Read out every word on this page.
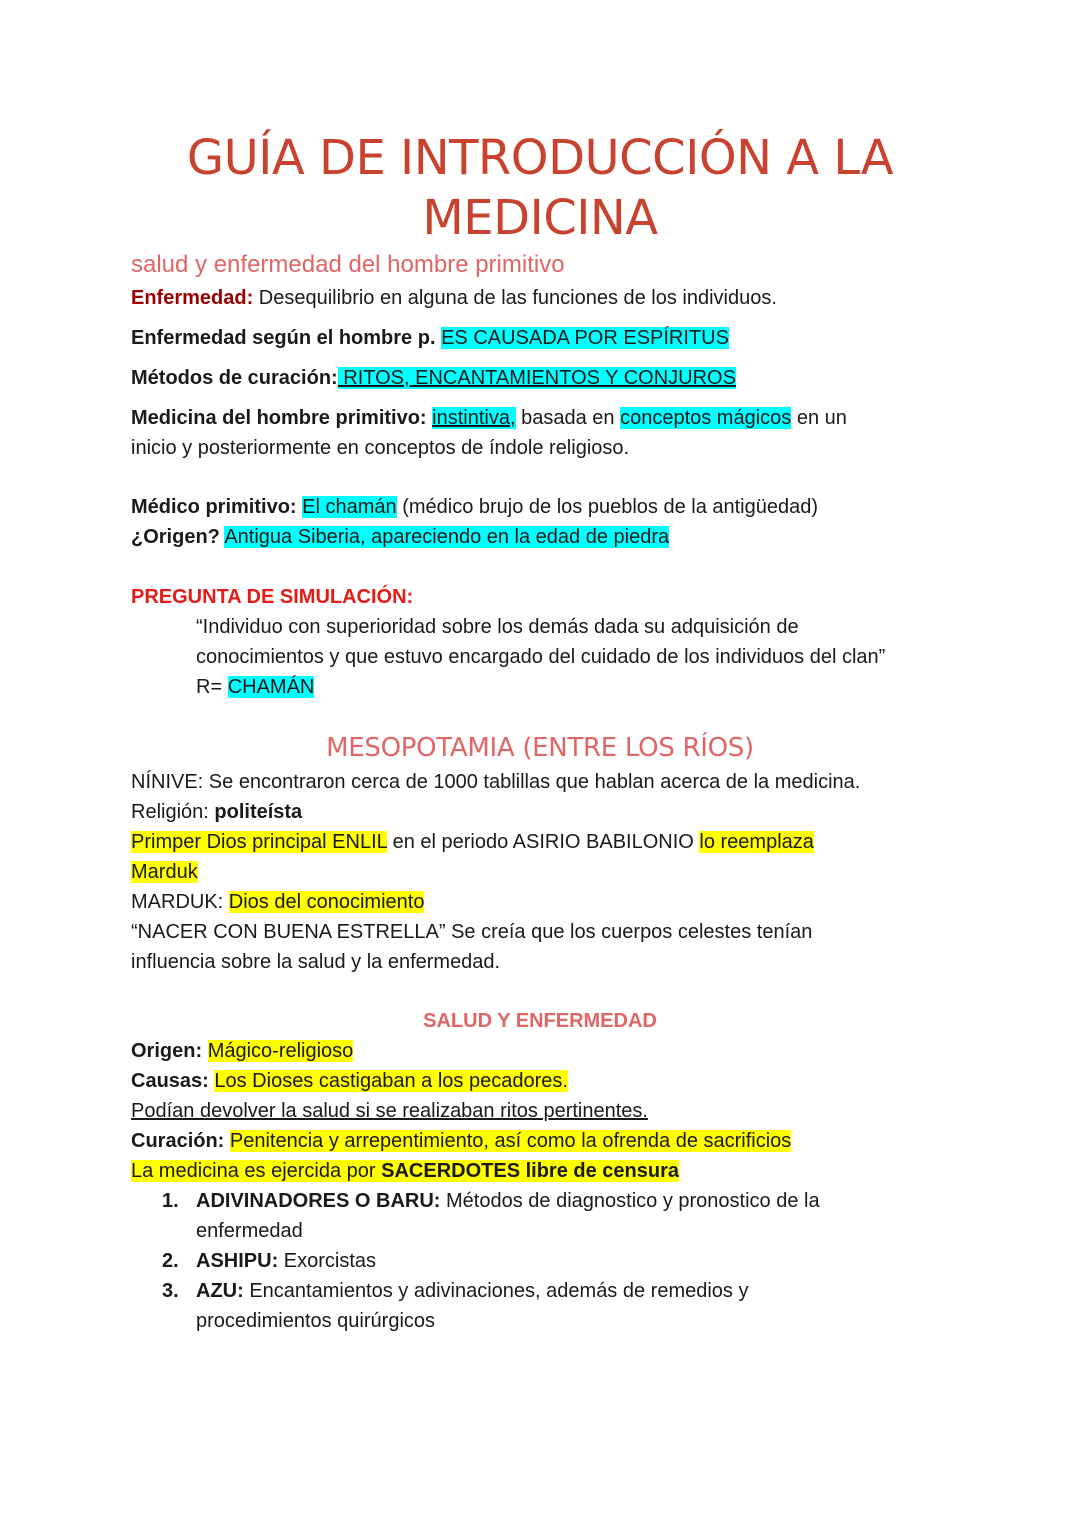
GUÍA DE INTRODUCCIÓN A LA
MEDICINA
salud y enfermedad del hombre primitivo
Enfermedad: Desequilibrio en alguna de las funciones de los individuos.
Enfermedad según el hombre p. ES CAUSADA POR ESPÍRITUS
Métodos de curación: RITOS, ENCANTAMIENTOS Y CONJUROS
Medicina del hombre primitivo: instintiva, basada en conceptos mágicos en un
inicio y posteriormente en conceptos de índole religioso.
Médico primitivo: El chamán (médico brujo de los pueblos de la antigüedad)
¿Origen? Antigua Siberia, apareciendo en la edad de piedra
PREGUNTA DE SIMULACIÓN:
“Individuo con superioridad sobre los demás dada su adquisición de
conocimientos y que estuvo encargado del cuidado de los individuos del clan”
R= CHAMÁN
MESOPOTAMIA (ENTRE LOS RÍOS)
NÍNIVE: Se encontraron cerca de 1000 tablillas que hablan acerca de la medicina.
Religión: politeísta
Primper Dios principal ENLIL en el periodo ASIRIO BABILONIO lo reemplaza
Marduk
MARDUK: Dios del conocimiento
“NACER CON BUENA ESTRELLA” Se creía que los cuerpos celestes tenían
influencia sobre la salud y la enfermedad.
SALUD Y ENFERMEDAD
Origen: Mágico-religioso
Causas: Los Dioses castigaban a los pecadores.
Podían devolver la salud si se realizaban ritos pertinentes.
Curación: Penitencia y arrepentimiento, así como la ofrenda de sacrificios
La medicina es ejercida por SACERDOTES libre de censura
1. ADIVINADORES O BARU: Métodos de diagnostico y pronostico de la
enfermedad
2. ASHIPU: Exorcistas
3. AZU: Encantamientos y adivinaciones, además de remedios y
procedimientos quirúrgicos
